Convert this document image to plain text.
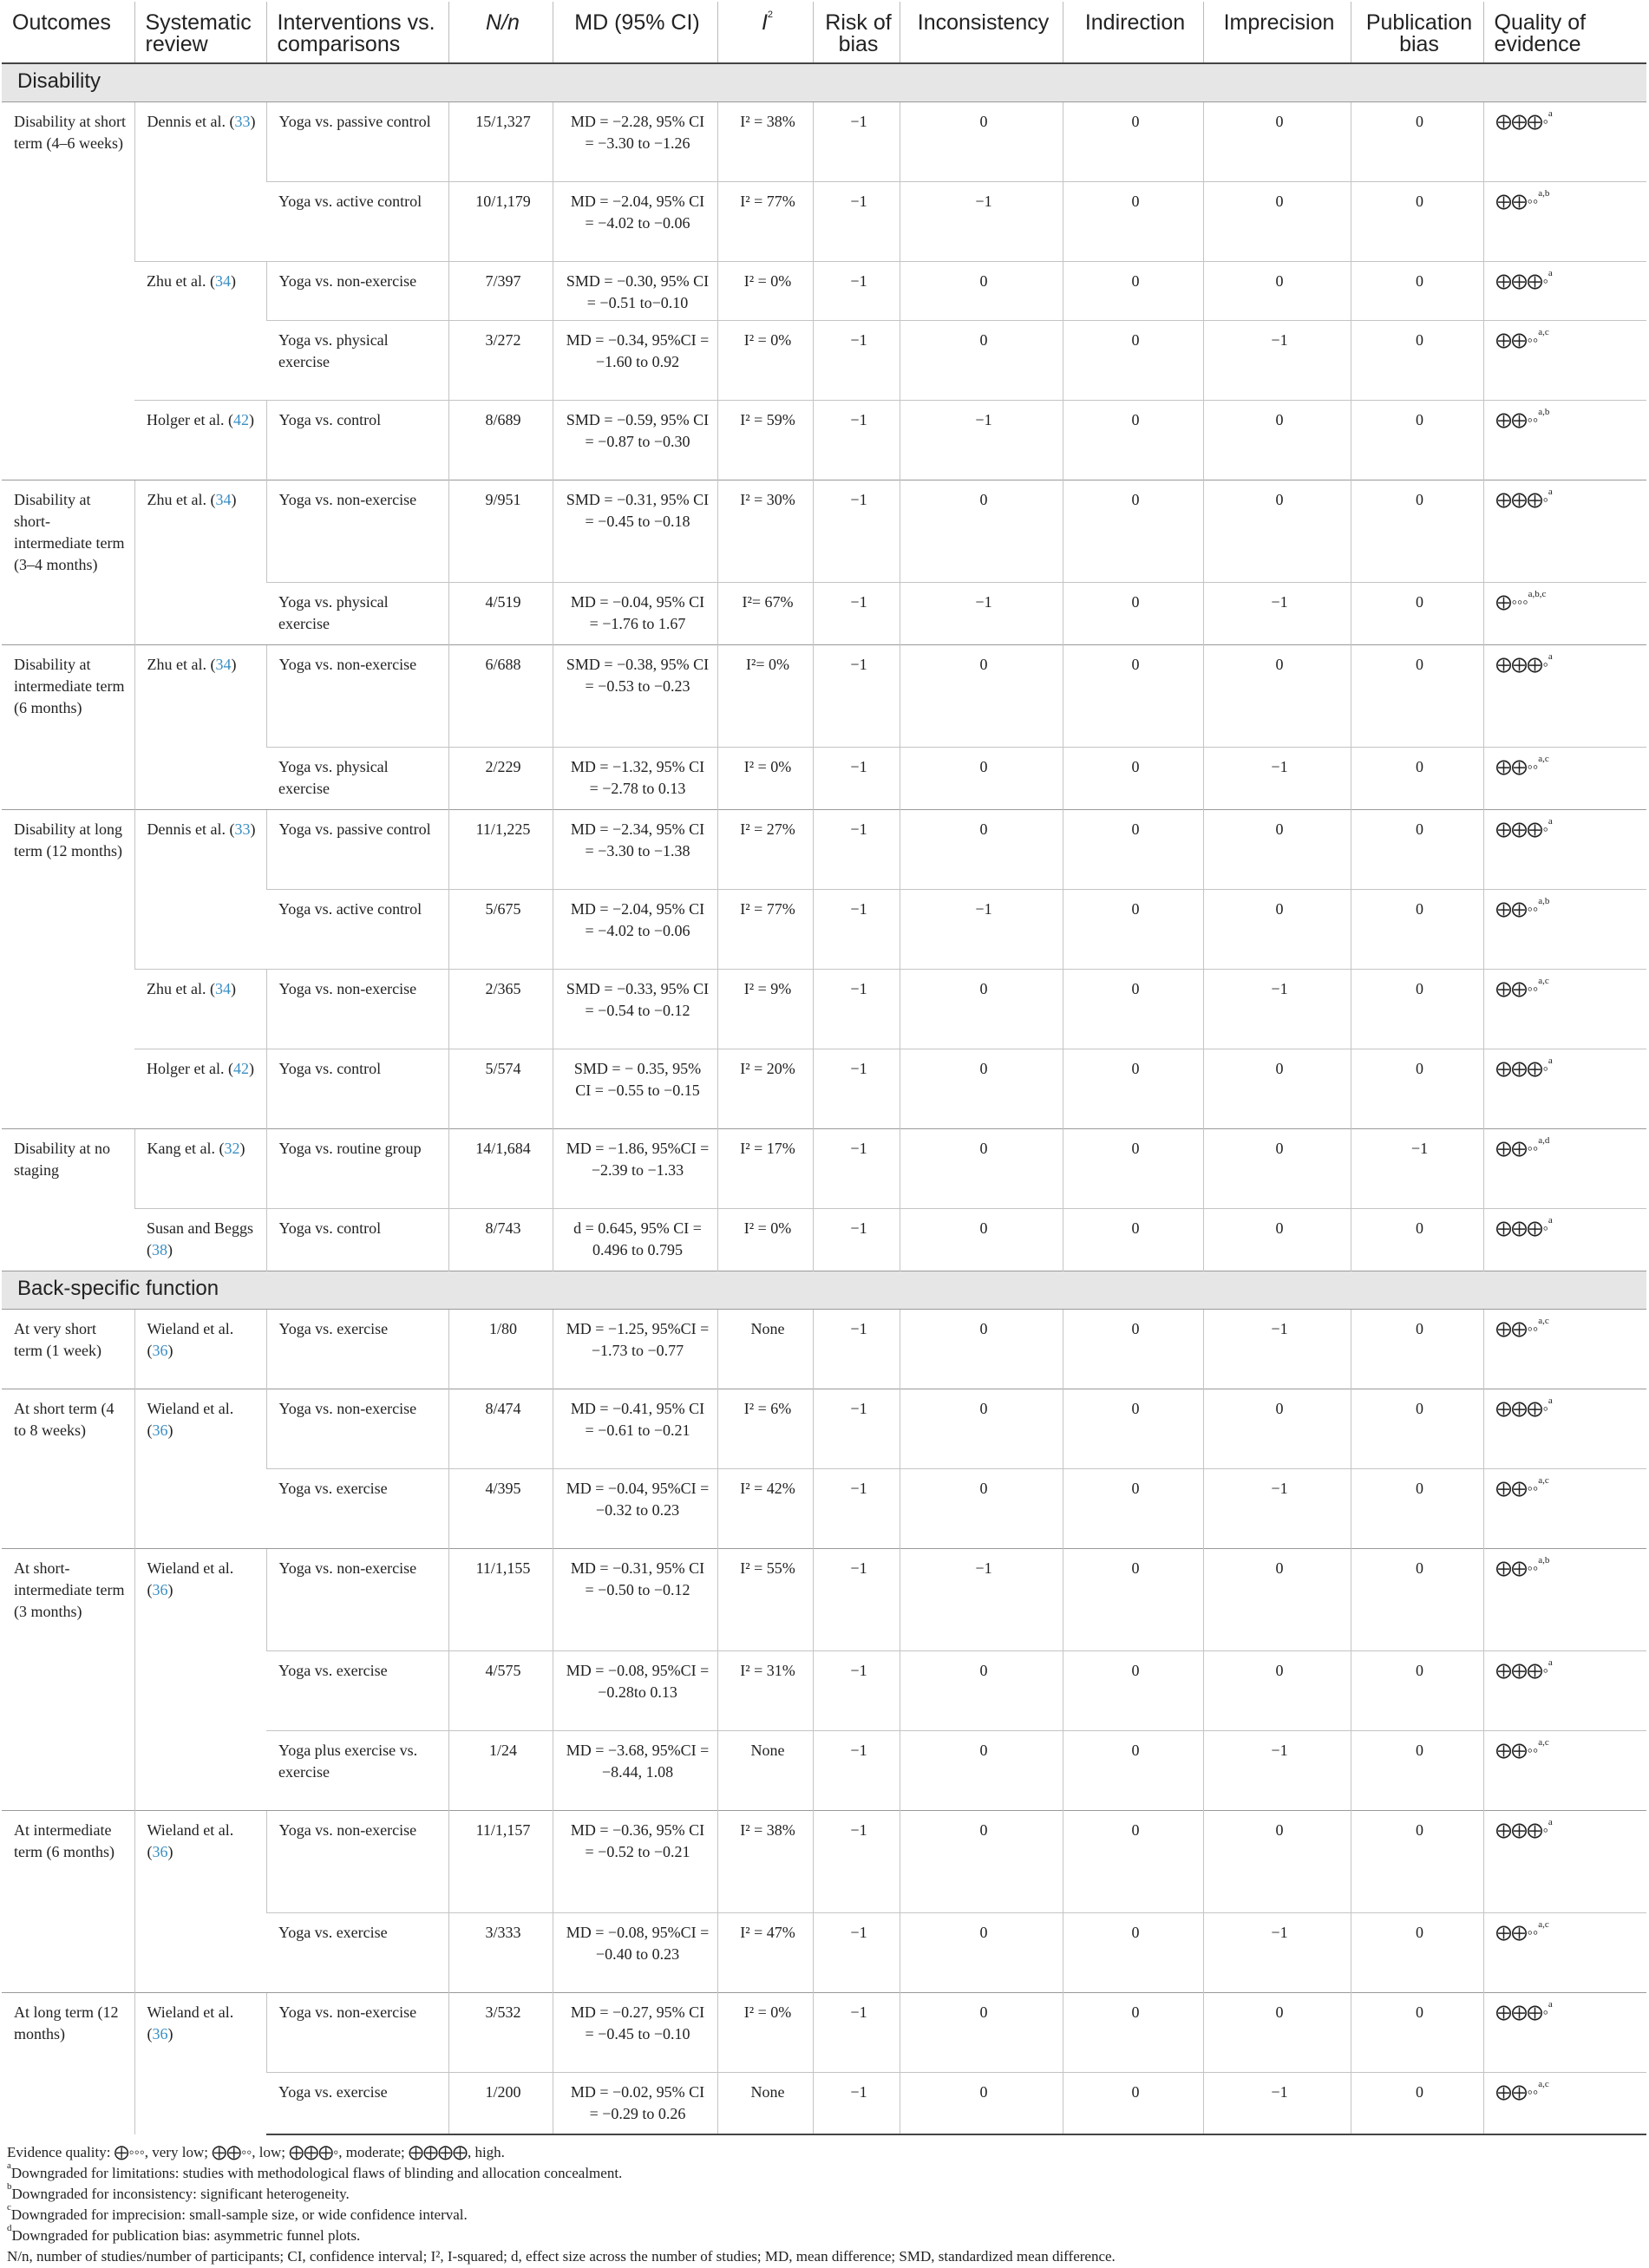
Outcomes	Systematic review	Interventions vs. comparisons	N/n	MD (95% CI)	$I^2$	Risk of bias	Inconsistency	Indirection	Imprecision	Publication bias	Quality of evidence
Disability											
Disability at short term (4–6 weeks)	Dennis et al. (33)	Yoga vs. passive control	15/1,327	MD = −2.28, 95% CI = −3.30 to −1.26	I² = 38%	−1	0	0	0	0	⨁⨁⨁◦$^a$
		Yoga vs. active control	10/1,179	MD = −2.04, 95% CI = −4.02 to −0.06	I² = 77%	−1	−1	0	0	0	⨁⨁◦◦$^{a,b}$
	Zhu et al. (34)	Yoga vs. non-exercise	7/397	SMD = −0.30, 95% CI = −0.51 to−0.10	I² = 0%	−1	0	0	0	0	⨁⨁⨁◦$^a$
		Yoga vs. physical exercise	3/272	MD = −0.34, 95%CI = −1.60 to 0.92	I² = 0%	−1	0	0	−1	0	⨁⨁◦◦$^{a,c}$
	Holger et al. (42)	Yoga vs. control	8/689	SMD = −0.59, 95% CI = −0.87 to −0.30	I² = 59%	−1	−1	0	0	0	⨁⨁◦◦$^{a,b}$
Disability at short-intermediate term (3–4 months)	Zhu et al. (34)	Yoga vs. non-exercise	9/951	SMD = −0.31, 95% CI = −0.45 to −0.18	I² = 30%	−1	0	0	0	0	⨁⨁⨁◦$^a$
		Yoga vs. physical exercise	4/519	MD = −0.04, 95% CI = −1.76 to 1.67	I²= 67%	−1	−1	0	−1	0	⨁◦◦◦$^{a,b,c}$
Disability at intermediate term (6 months)	Zhu et al. (34)	Yoga vs. non-exercise	6/688	SMD = −0.38, 95% CI = −0.53 to −0.23	I²= 0%	−1	0	0	0	0	⨁⨁⨁◦$^a$
		Yoga vs. physical exercise	2/229	MD = −1.32, 95% CI = −2.78 to 0.13	I² = 0%	−1	0	0	−1	0	⨁⨁◦◦$^{a,c}$
Disability at long term (12 months)	Dennis et al. (33)	Yoga vs. passive control	11/1,225	MD = −2.34, 95% CI = −3.30 to −1.38	I² = 27%	−1	0	0	0	0	⨁⨁⨁◦$^a$
		Yoga vs. active control	5/675	MD = −2.04, 95% CI = −4.02 to −0.06	I² = 77%	−1	−1	0	0	0	⨁⨁◦◦$^{a,b}$
	Zhu et al. (34)	Yoga vs. non-exercise	2/365	SMD = −0.33, 95% CI = −0.54 to −0.12	I² = 9%	−1	0	0	−1	0	⨁⨁◦◦$^{a,c}$
	Holger et al. (42)	Yoga vs. control	5/574	SMD = − 0.35, 95% CI = −0.55 to −0.15	I² = 20%	−1	0	0	0	0	⨁⨁⨁◦$^a$
Disability at no staging	Kang et al. (32)	Yoga vs. routine group	14/1,684	MD = −1.86, 95%CI = −2.39 to −1.33	I² = 17%	−1	0	0	0	−1	⨁⨁◦◦$^{a,d}$
	Susan and Beggs (38)	Yoga vs. control	8/743	d = 0.645, 95% CI = 0.496 to 0.795	I² = 0%	−1	0	0	0	0	⨁⨁⨁◦$^a$
Back-specific function											
At very short term (1 week)	Wieland et al. (36)	Yoga vs. exercise	1/80	MD = −1.25, 95%CI = −1.73 to −0.77	None	−1	0	0	−1	0	⨁⨁◦◦$^{a,c}$
At short term (4 to 8 weeks)	Wieland et al. (36)	Yoga vs. non-exercise	8/474	MD = −0.41, 95% CI = −0.61 to −0.21	I² = 6%	−1	0	0	0	0	⨁⨁⨁◦$^a$
		Yoga vs. exercise	4/395	MD = −0.04, 95%CI = −0.32 to 0.23	I² = 42%	−1	0	0	−1	0	⨁⨁◦◦$^{a,c}$
At short-intermediate term (3 months)	Wieland et al. (36)	Yoga vs. non-exercise	11/1,155	MD = −0.31, 95% CI = −0.50 to −0.12	I² = 55%	−1	−1	0	0	0	⨁⨁◦◦$^{a,b}$
		Yoga vs. exercise	4/575	MD = −0.08, 95%CI = −0.28to 0.13	I² = 31%	−1	0	0	0	0	⨁⨁⨁◦$^a$
		Yoga plus exercise vs. exercise	1/24	MD = −3.68, 95%CI = −8.44, 1.08	None	−1	0	0	−1	0	⨁⨁◦◦$^{a,c}$
At intermediate term (6 months)	Wieland et al. (36)	Yoga vs. non-exercise	11/1,157	MD = −0.36, 95% CI = −0.52 to −0.21	I² = 38%	−1	0	0	0	0	⨁⨁⨁◦$^a$
		Yoga vs. exercise	3/333	MD = −0.08, 95%CI = −0.40 to 0.23	I² = 47%	−1	0	0	−1	0	⨁⨁◦◦$^{a,c}$
At long term (12 months)	Wieland et al. (36)	Yoga vs. non-exercise	3/532	MD = −0.27, 95% CI = −0.45 to −0.10	I² = 0%	−1	0	0	0	0	⨁⨁⨁◦$^a$
		Yoga vs. exercise	1/200	MD = −0.02, 95% CI = −0.29 to 0.26	None	−1	0	0	−1	0	⨁⨁◦◦$^{a,c}$

Evidence quality: ⨁◦◦◦, very low; ⨁⨁◦◦, low; ⨁⨁⨁◦, moderate; ⨁⨁⨁⨁, high.

$^a$Downgraded for limitations: studies with methodological flaws of blinding and allocation concealment.

$^b$Downgraded for inconsistency: significant heterogeneity.

$^c$Downgraded for imprecision: small-sample size, or wide confidence interval.

$^d$Downgraded for publication bias: asymmetric funnel plots.

N/n, number of studies/number of participants; CI, confidence interval; I², I-squared; d, effect size across the number of studies; MD, mean difference; SMD, standardized mean difference.
